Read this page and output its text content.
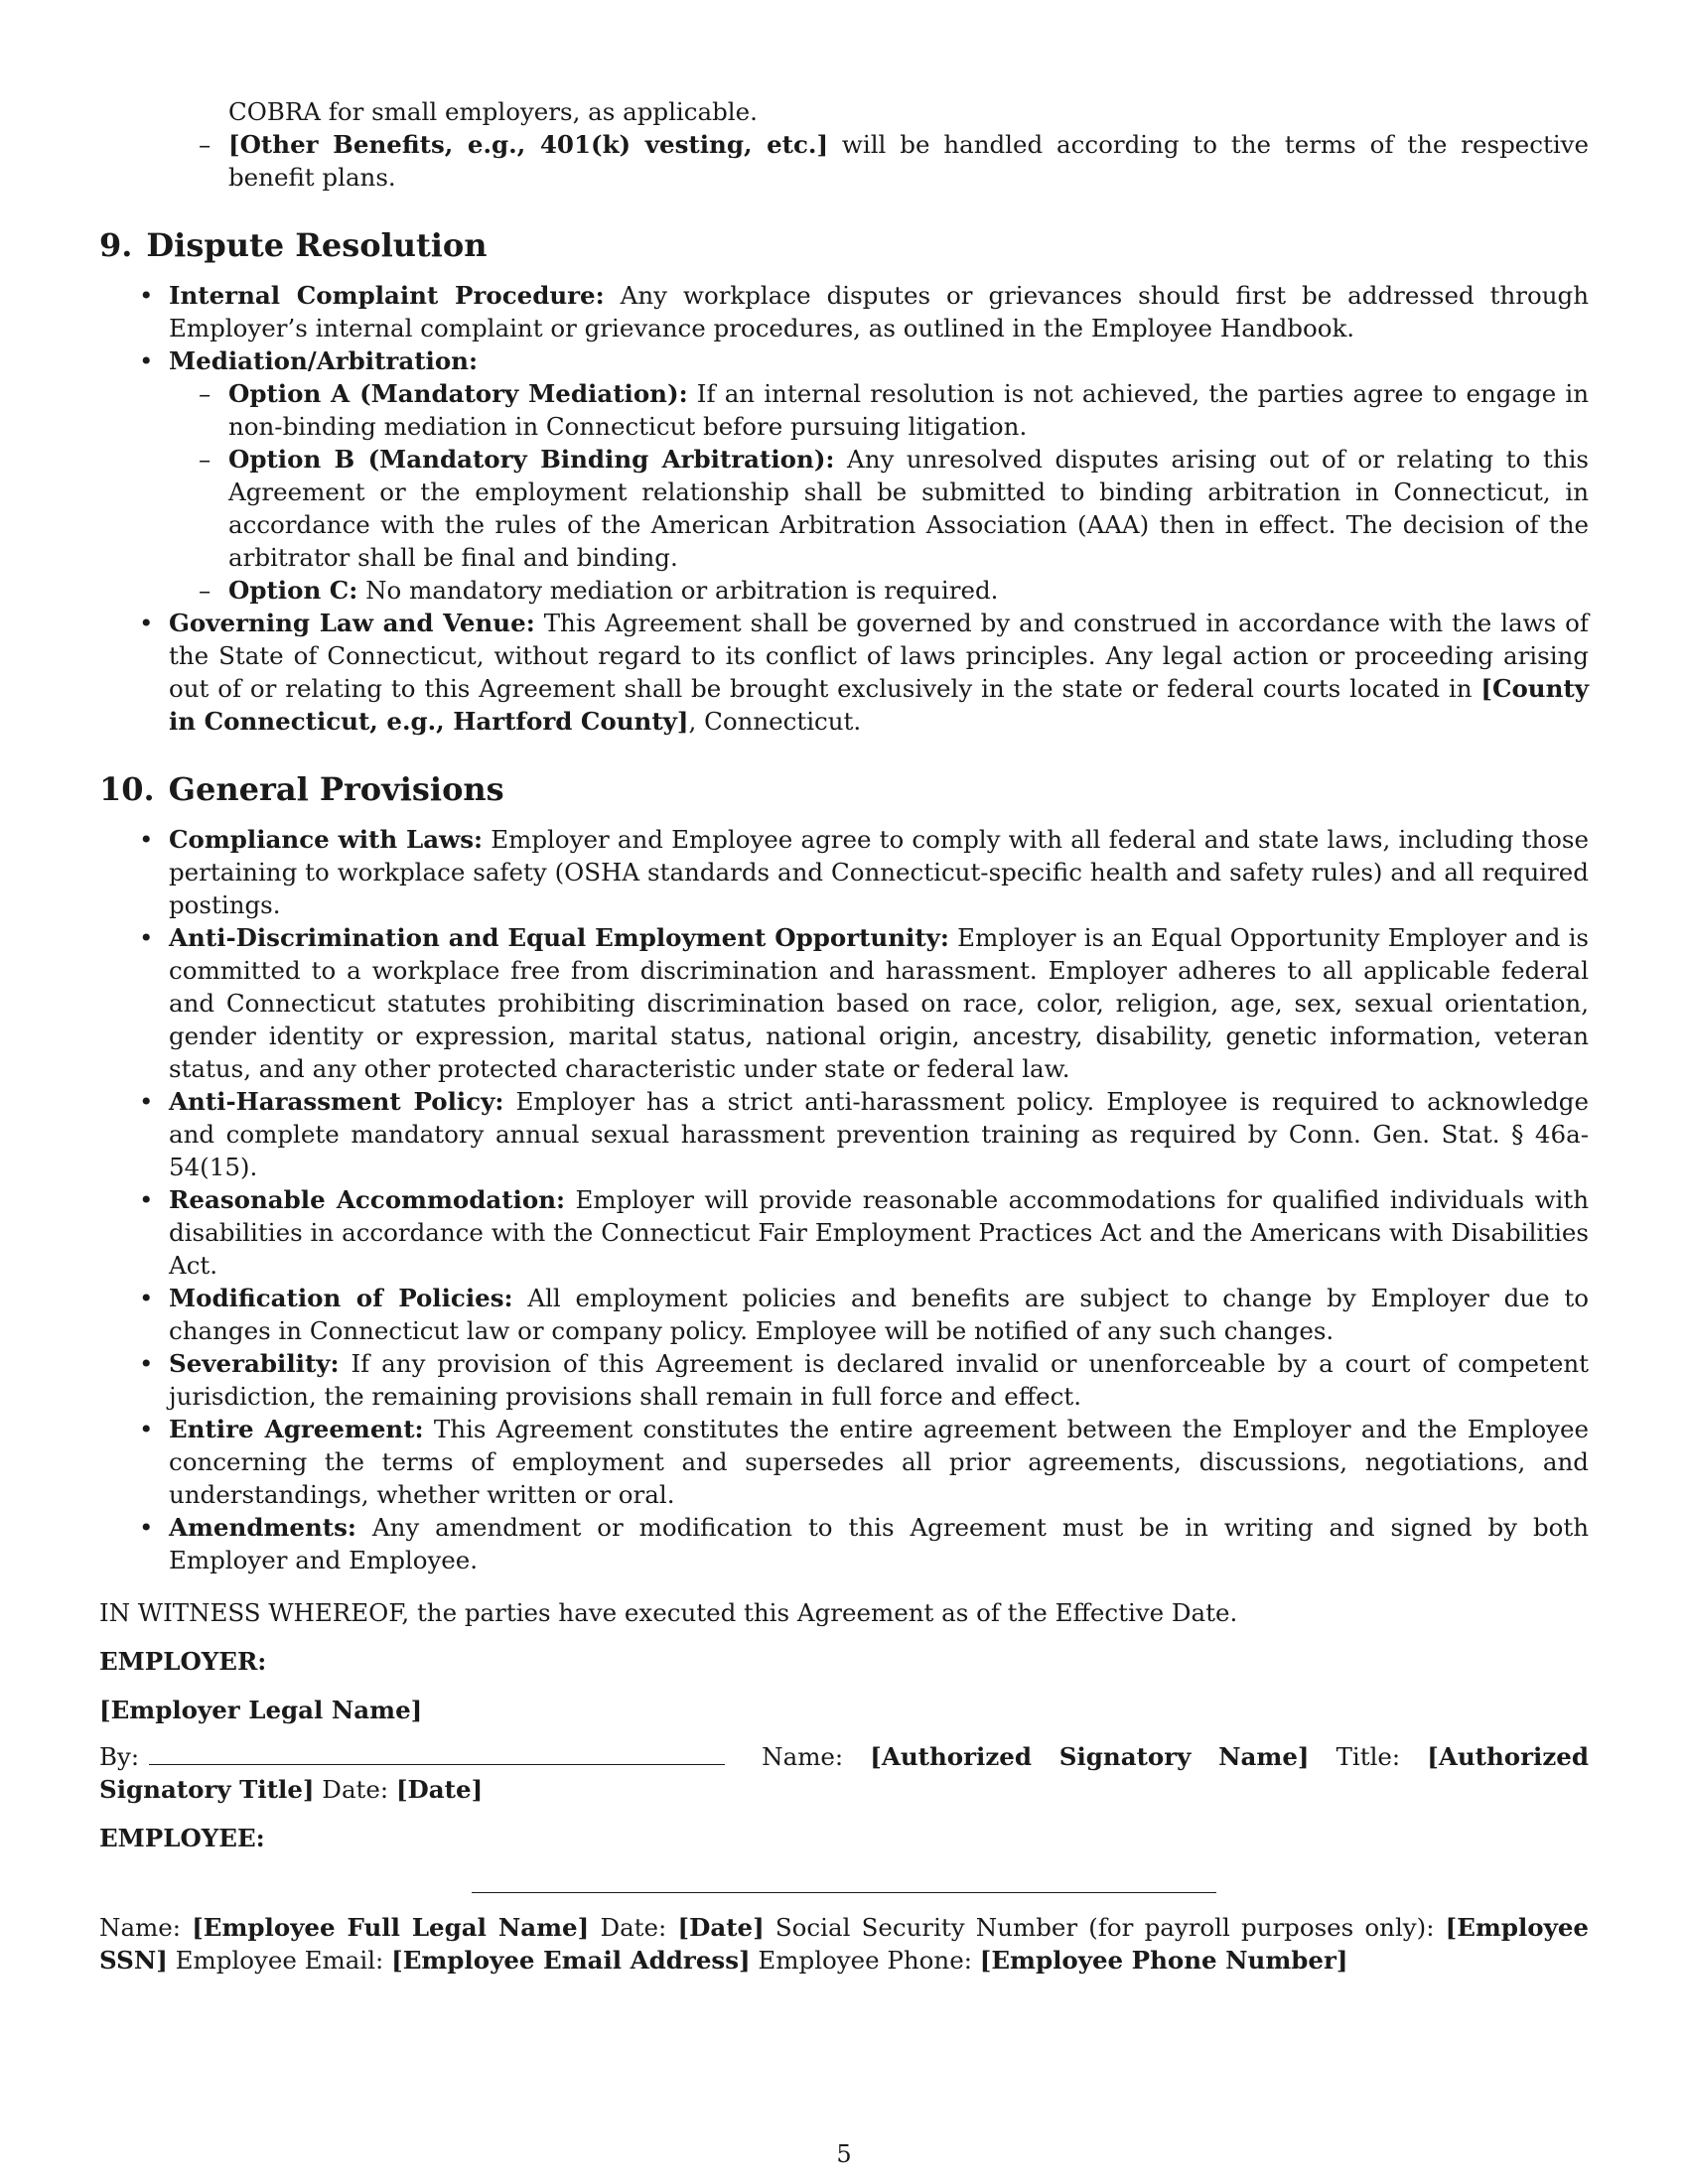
COBRA for small employers, as applicable.
– [Other Benefits, e.g., 401(k) vesting, etc.] will be handled according to the terms of the respective benefit plans.
9. Dispute Resolution
• Internal Complaint Procedure: Any workplace disputes or grievances should first be addressed through Employer’s internal complaint or grievance procedures, as outlined in the Employee Handbook.
• Mediation/Arbitration:
– Option A (Mandatory Mediation): If an internal resolution is not achieved, the parties agree to engage in non-binding mediation in Connecticut before pursuing litigation.
– Option B (Mandatory Binding Arbitration): Any unresolved disputes arising out of or relating to this Agreement or the employment relationship shall be submitted to binding arbitration in Connecticut, in accordance with the rules of the American Arbitration Association (AAA) then in effect. The decision of the arbitrator shall be final and binding.
– Option C: No mandatory mediation or arbitration is required.
• Governing Law and Venue: This Agreement shall be governed by and construed in accordance with the laws of the State of Connecticut, without regard to its conflict of laws principles. Any legal action or proceeding arising out of or relating to this Agreement shall be brought exclusively in the state or federal courts located in [County in Connecticut, e.g., Hartford County], Connecticut.
10. General Provisions
• Compliance with Laws: Employer and Employee agree to comply with all federal and state laws, including those pertaining to workplace safety (OSHA standards and Connecticut-specific health and safety rules) and all required postings.
• Anti-Discrimination and Equal Employment Opportunity: Employer is an Equal Opportunity Employer and is committed to a workplace free from discrimination and harassment. Employer adheres to all applicable federal and Connecticut statutes prohibiting discrimination based on race, color, religion, age, sex, sexual orientation, gender identity or expression, marital status, national origin, ancestry, disability, genetic information, veteran status, and any other protected characteristic under state or federal law.
• Anti-Harassment Policy: Employer has a strict anti-harassment policy. Employee is required to acknowledge and complete mandatory annual sexual harassment prevention training as required by Conn. Gen. Stat. § 46a-54(15).
• Reasonable Accommodation: Employer will provide reasonable accommodations for qualified individuals with disabilities in accordance with the Connecticut Fair Employment Practices Act and the Americans with Disabilities Act.
• Modification of Policies: All employment policies and benefits are subject to change by Employer due to changes in Connecticut law or company policy. Employee will be notified of any such changes.
• Severability: If any provision of this Agreement is declared invalid or unenforceable by a court of competent jurisdiction, the remaining provisions shall remain in full force and effect.
• Entire Agreement: This Agreement constitutes the entire agreement between the Employer and the Employee concerning the terms of employment and supersedes all prior agreements, discussions, negotiations, and understandings, whether written or oral.
• Amendments: Any amendment or modification to this Agreement must be in writing and signed by both Employer and Employee.

IN WITNESS WHEREOF, the parties have executed this Agreement as of the Effective Date.

EMPLOYER:
[Employer Legal Name]

By:	Name: [Authorized Signatory Name] Title: [Authorized Signatory Title] Date: [Date]

EMPLOYEE:

Name: [Employee Full Legal Name] Date: [Date] Social Security Number (for payroll purposes only): [Employee SSN] Employee Email: [Employee Email Address] Employee Phone: [Employee Phone Number]

5
